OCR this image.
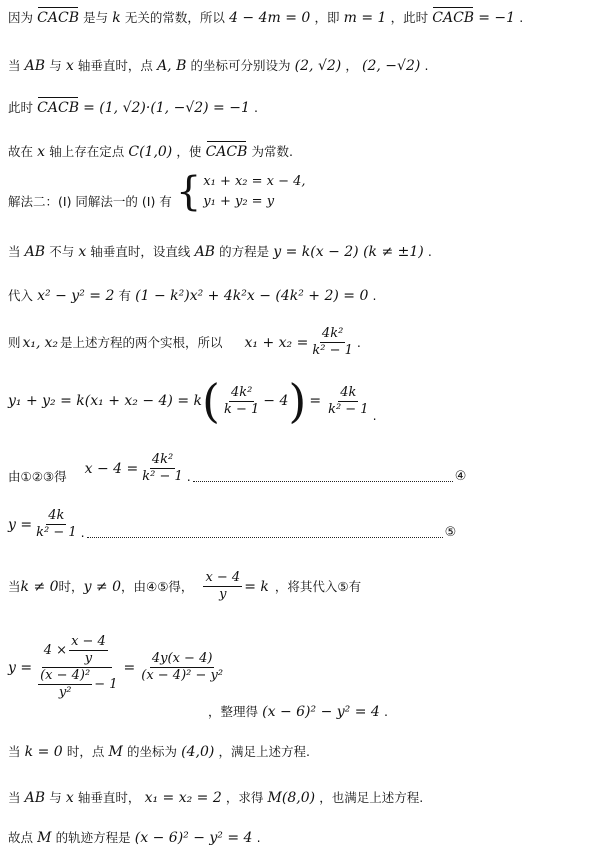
因为 CACB 是与 k 无关的常数，所以 4 − 4m = 0 ，即 m = 1 ，此时 CACB = −1 .
当 AB 与 x 轴垂直时，点 A, B 的坐标可分别设为 (2, √2) ， (2, −√2) .
此时 CACB = (1, √2)·(1, −√2) = −1 .
故在 x 轴上存在定点 C(1,0) ，使 CACB 为常数.
解法二：(I) 同解法一的 (I) 有 { x₁ + x₂ = x − 4,
y₁ + y₂ = y
当 AB 不与 x 轴垂直时，设直线 AB 的方程是 y = k(x − 2) (k ≠ ±1) .
代入 x² − y² = 2 有 (1 − k²)x² + 4k²x − (4k² + 2) = 0 .
则 x₁, x₂ 是上述方程的两个实根，所以 $x_1 + x_2 = \frac{\text{4k²}}{\text{k² − 1}}$ .
y₁ + y₂ = k(x₁ + x₂ − 4) = k ( $\frac{\text{4k²}}{k - 1} - 4$ ) = $\frac{4k}{\text{k² − 1}}$ .
由①②③得 $x - 4 = \frac{\text{4k²}}{\text{k² − 1}}$ .	④
$y = \frac{4k}{\text{k² − 1}}$ .	⑤
当 k ≠ 0 时， y ≠ 0 ，由④⑤得， $\frac{x - 4}{y} = k$ ，将其代入⑤有
$y = \frac{4 \times \frac{x - 4}{y}}{\frac{\text{(x − 4)²}}{\text{y²}} - 1} = \frac{4y(x - 4)}{\text{(x − 4)² − y²}}$
，整理得 (x − 6)² − y² = 4 .
当 k = 0 时，点 M 的坐标为 (4,0) ，满足上述方程.
当 AB 与 x 轴垂直时， x₁ = x₂ = 2 ，求得 M(8,0) ，也满足上述方程.
故点 M 的轨迹方程是 (x − 6)² − y² = 4 .
